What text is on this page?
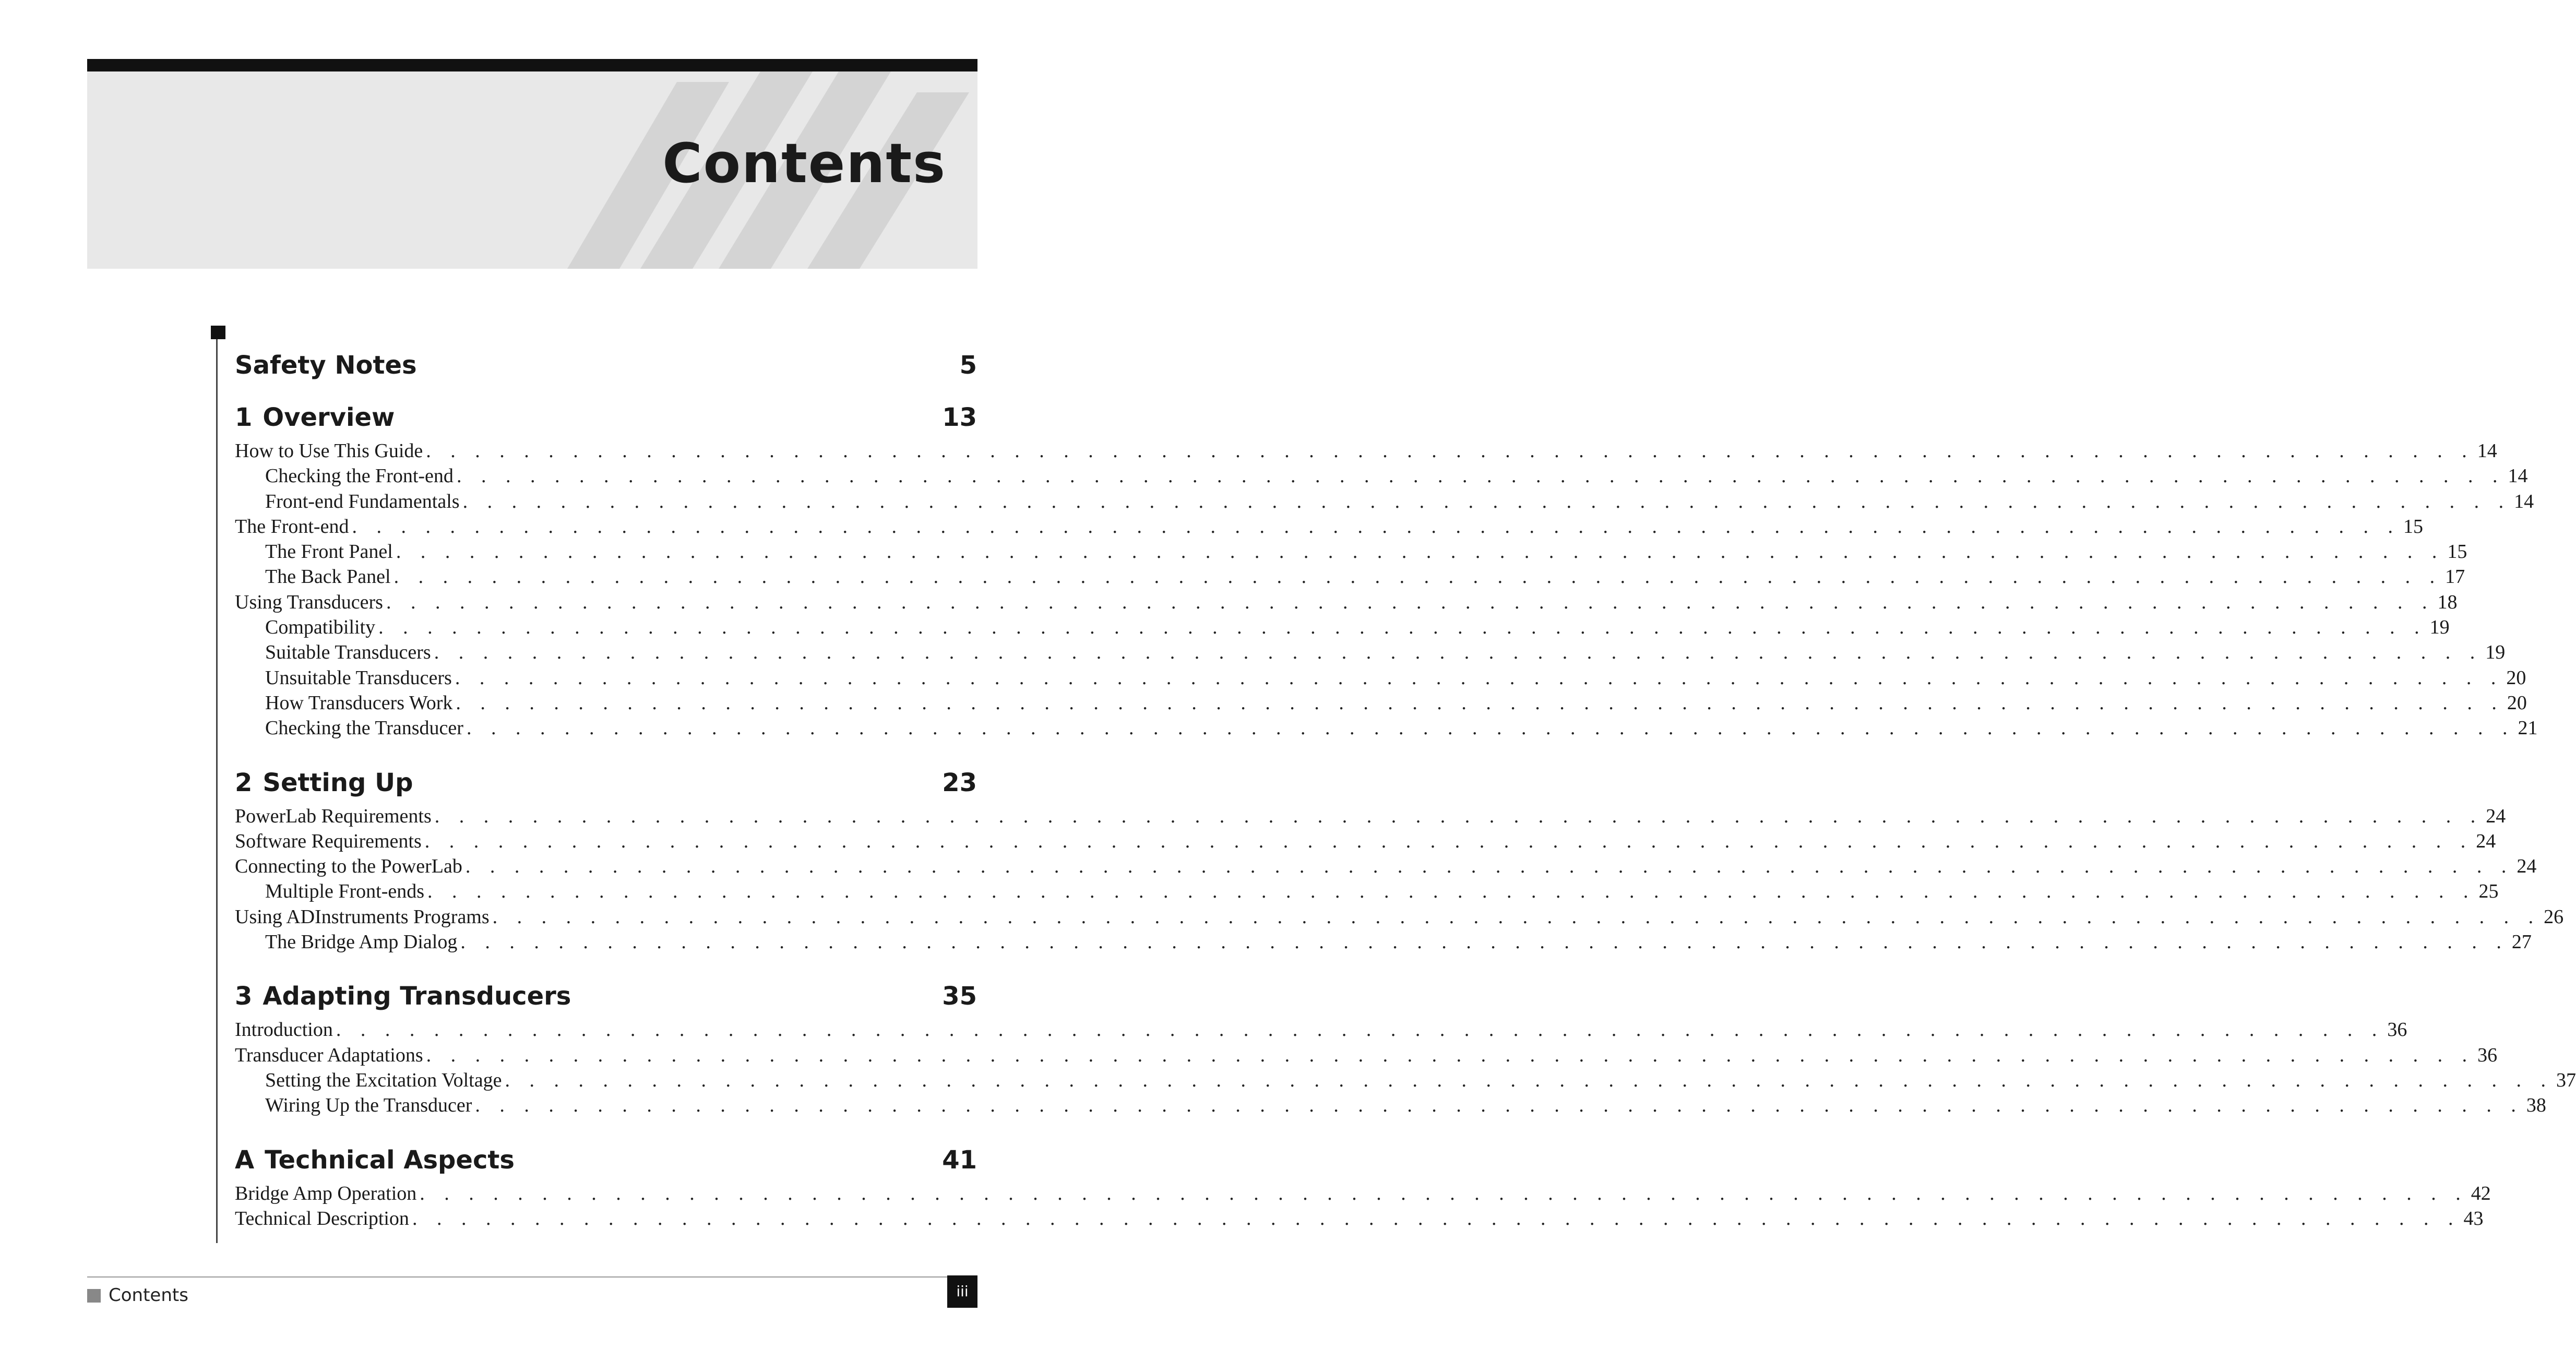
Contents
Safety Notes	5
1 Overview	13
How to Use This Guide . . . . . . . . . . . . . . . . . . . . . . . . . . . . . . . . . . . . . . . . . . . . . . . . . . . . . . . . . . . . . . . . . . . . . . . . . . . . . . . . . . . . 14
Checking the Front-end . . . . . . . . . . . . . . . . . . . . . . . . . . . . . . . . . . . . . . . . . . . . . . . . . . . . . . . . . . . . . . . . . . . . . . . . . . . . . . . . . . . . 14
Front-end Fundamentals . . . . . . . . . . . . . . . . . . . . . . . . . . . . . . . . . . . . . . . . . . . . . . . . . . . . . . . . . . . . . . . . . . . . . . . . . . . . . . . . . . . . 14
The Front-end . . . . . . . . . . . . . . . . . . . . . . . . . . . . . . . . . . . . . . . . . . . . . . . . . . . . . . . . . . . . . . . . . . . . . . . . . . . . . . . . . . . . 15
The Front Panel . . . . . . . . . . . . . . . . . . . . . . . . . . . . . . . . . . . . . . . . . . . . . . . . . . . . . . . . . . . . . . . . . . . . . . . . . . . . . . . . . . . . 15
The Back Panel . . . . . . . . . . . . . . . . . . . . . . . . . . . . . . . . . . . . . . . . . . . . . . . . . . . . . . . . . . . . . . . . . . . . . . . . . . . . . . . . . . . . 17
Using Transducers . . . . . . . . . . . . . . . . . . . . . . . . . . . . . . . . . . . . . . . . . . . . . . . . . . . . . . . . . . . . . . . . . . . . . . . . . . . . . . . . . . . . 18
Compatibility . . . . . . . . . . . . . . . . . . . . . . . . . . . . . . . . . . . . . . . . . . . . . . . . . . . . . . . . . . . . . . . . . . . . . . . . . . . . . . . . . . . . 19
Suitable Transducers . . . . . . . . . . . . . . . . . . . . . . . . . . . . . . . . . . . . . . . . . . . . . . . . . . . . . . . . . . . . . . . . . . . . . . . . . . . . . . . . . . . . 19
Unsuitable Transducers . . . . . . . . . . . . . . . . . . . . . . . . . . . . . . . . . . . . . . . . . . . . . . . . . . . . . . . . . . . . . . . . . . . . . . . . . . . . . . . . . . . . 20
How Transducers Work . . . . . . . . . . . . . . . . . . . . . . . . . . . . . . . . . . . . . . . . . . . . . . . . . . . . . . . . . . . . . . . . . . . . . . . . . . . . . . . . . . . . 20
Checking the Transducer . . . . . . . . . . . . . . . . . . . . . . . . . . . . . . . . . . . . . . . . . . . . . . . . . . . . . . . . . . . . . . . . . . . . . . . . . . . . . . . . . . . . 21
2 Setting Up	23
PowerLab Requirements . . . . . . . . . . . . . . . . . . . . . . . . . . . . . . . . . . . . . . . . . . . . . . . . . . . . . . . . . . . . . . . . . . . . . . . . . . . . . . . . . . . . 24
Software Requirements . . . . . . . . . . . . . . . . . . . . . . . . . . . . . . . . . . . . . . . . . . . . . . . . . . . . . . . . . . . . . . . . . . . . . . . . . . . . . . . . . . . . 24
Connecting to the PowerLab . . . . . . . . . . . . . . . . . . . . . . . . . . . . . . . . . . . . . . . . . . . . . . . . . . . . . . . . . . . . . . . . . . . . . . . . . . . . . . . . . . . . 24
Multiple Front-ends . . . . . . . . . . . . . . . . . . . . . . . . . . . . . . . . . . . . . . . . . . . . . . . . . . . . . . . . . . . . . . . . . . . . . . . . . . . . . . . . . . . . 25
Using ADInstruments Programs . . . . . . . . . . . . . . . . . . . . . . . . . . . . . . . . . . . . . . . . . . . . . . . . . . . . . . . . . . . . . . . . . . . . . . . . . . . . . . . . . . . . 26
The Bridge Amp Dialog . . . . . . . . . . . . . . . . . . . . . . . . . . . . . . . . . . . . . . . . . . . . . . . . . . . . . . . . . . . . . . . . . . . . . . . . . . . . . . . . . . . . 27
3 Adapting Transducers	35
Introduction . . . . . . . . . . . . . . . . . . . . . . . . . . . . . . . . . . . . . . . . . . . . . . . . . . . . . . . . . . . . . . . . . . . . . . . . . . . . . . . . . . . . 36
Transducer Adaptations . . . . . . . . . . . . . . . . . . . . . . . . . . . . . . . . . . . . . . . . . . . . . . . . . . . . . . . . . . . . . . . . . . . . . . . . . . . . . . . . . . . . 36
Setting the Excitation Voltage . . . . . . . . . . . . . . . . . . . . . . . . . . . . . . . . . . . . . . . . . . . . . . . . . . . . . . . . . . . . . . . . . . . . . . . . . . . . . . . . . . . . 37
Wiring Up the Transducer . . . . . . . . . . . . . . . . . . . . . . . . . . . . . . . . . . . . . . . . . . . . . . . . . . . . . . . . . . . . . . . . . . . . . . . . . . . . . . . . . . . . 38
A Technical Aspects	41
Bridge Amp Operation . . . . . . . . . . . . . . . . . . . . . . . . . . . . . . . . . . . . . . . . . . . . . . . . . . . . . . . . . . . . . . . . . . . . . . . . . . . . . . . . . . . . 42
Technical Description . . . . . . . . . . . . . . . . . . . . . . . . . . . . . . . . . . . . . . . . . . . . . . . . . . . . . . . . . . . . . . . . . . . . . . . . . . . . . . . . . . . . 43
Contents	iii
